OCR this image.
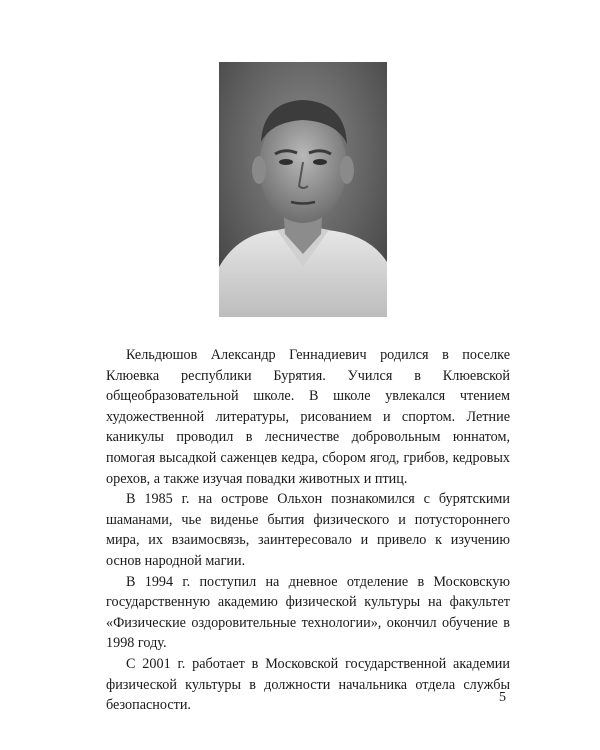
Кельдюшов Александр Геннадиевич родился в поселке Клюевка республики Бурятия. Учился в Клюевской общеобразовательной школе. В школе увлекался чтением художественной литературы, рисованием и спортом. Летние каникулы проводил в лесничестве добровольным юннатом, помогая высадкой саженцев кедра, сбором ягод, грибов, кедровых орехов, а также изучая повадки животных и птиц.

В 1985 г. на острове Ольхон познакомился с бурятскими шаманами, чье виденье бытия физического и потустороннего мира, их взаимосвязь, заинтересовало и привело к изучению основ народной магии.

В 1994 г. поступил на дневное отделение в Московскую государственную академию физической культуры на факультет «Физические оздоровительные технологии», окончил обучение в 1998 году.

С 2001 г. работает в Московской государственной академии физической культуры в должности начальника отдела службы безопасности.	5
